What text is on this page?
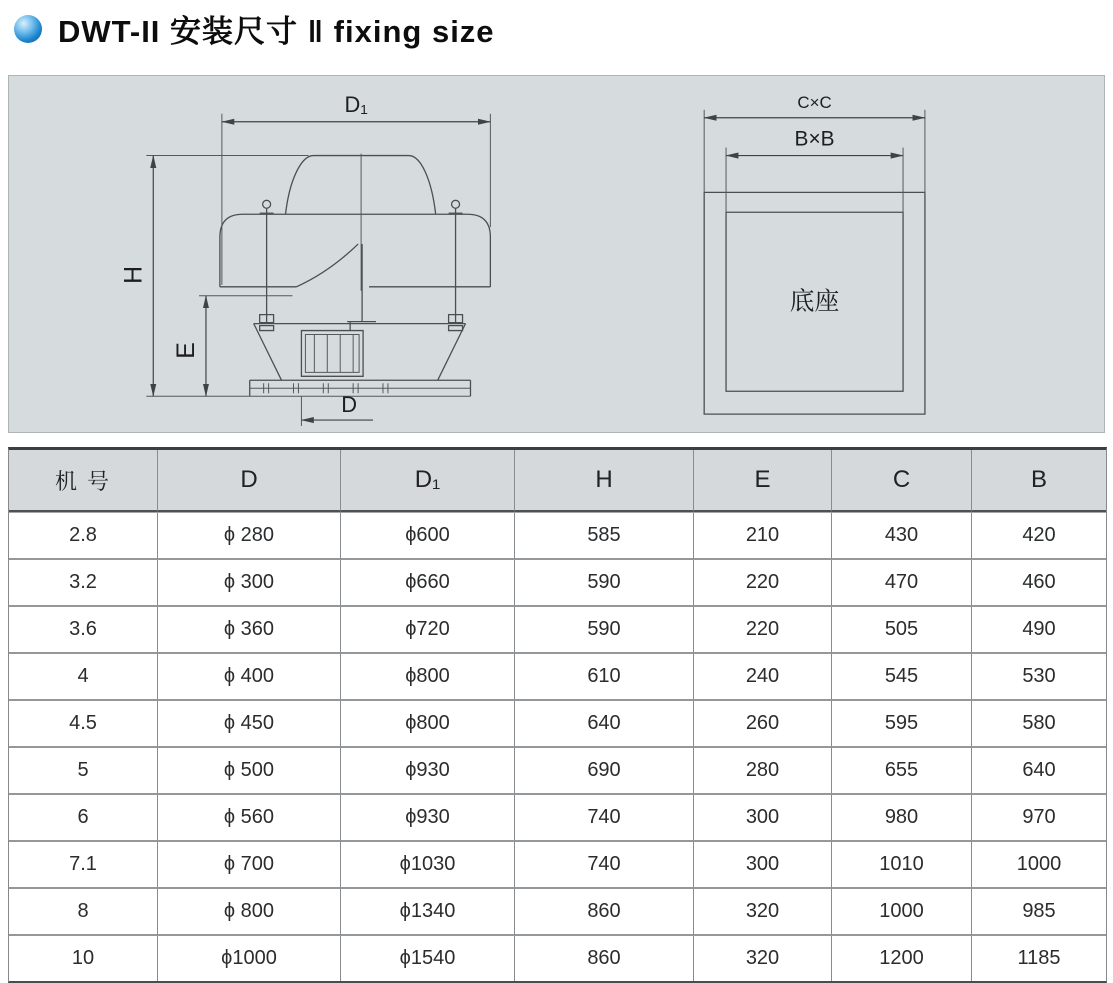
DWT-II 安装尺寸 ‖ fixing size
D₁
H
E
D
C×C
B×B
底座
机 号	D	D₁	H	E	C	B
2.8	ϕ 280	ϕ600	585	210	430	420
3.2	ϕ 300	ϕ660	590	220	470	460
3.6	ϕ 360	ϕ720	590	220	505	490
4	ϕ 400	ϕ800	610	240	545	530
4.5	ϕ 450	ϕ800	640	260	595	580
5	ϕ 500	ϕ930	690	280	655	640
6	ϕ 560	ϕ930	740	300	980	970
7.1	ϕ 700	ϕ1030	740	300	1010	1000
8	ϕ 800	ϕ1340	860	320	1000	985
10	ϕ1000	ϕ1540	860	320	1200	1185
